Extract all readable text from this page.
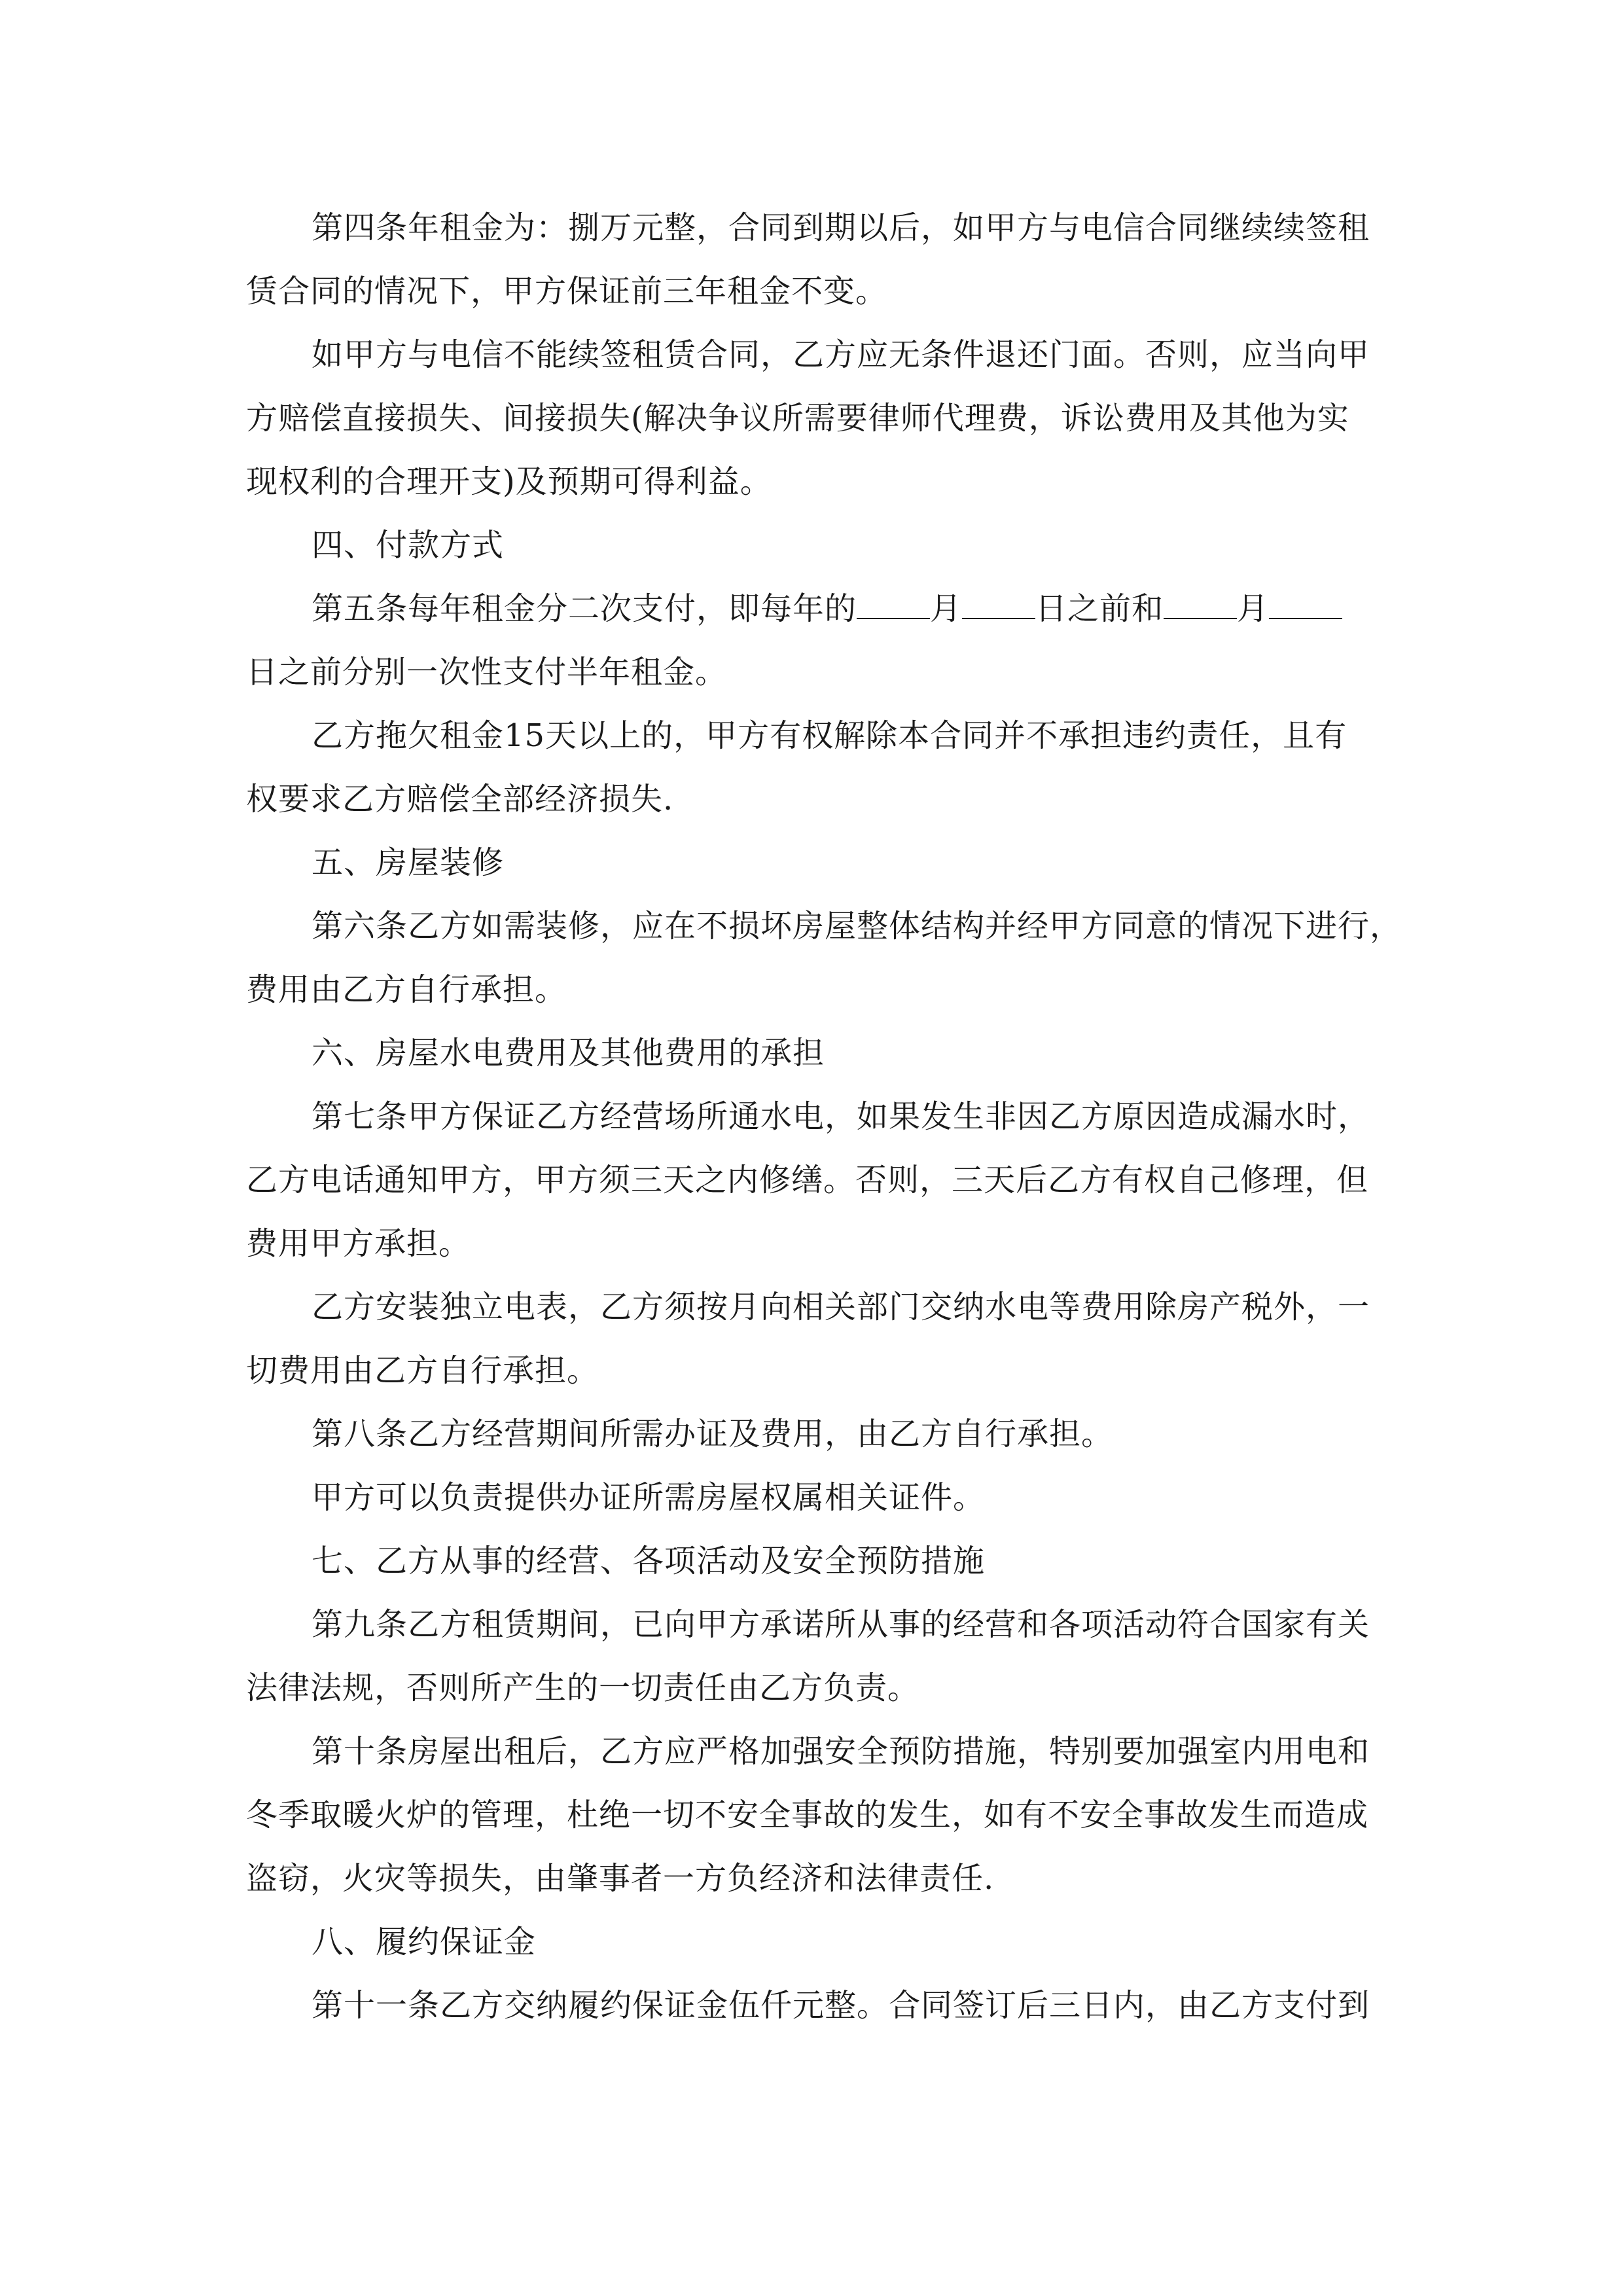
第四条年租金为：捌万元整，合同到期以后，如甲方与电信合同继续续签租
赁合同的情况下，甲方保证前三年租金不变。
如甲方与电信不能续签租赁合同，乙方应无条件退还门面。否则，应当向甲
方赔偿直接损失、间接损失(解决争议所需要律师代理费，诉讼费用及其他为实
现权利的合理开支)及预期可得利益。
四、付款方式
第五条每年租金分二次支付，即每年的 月 日之前和 月
日之前分别一次性支付半年租金。
乙方拖欠租金15天以上的，甲方有权解除本合同并不承担违约责任，且有
权要求乙方赔偿全部经济损失.
五、房屋装修
第六条乙方如需装修，应在不损坏房屋整体结构并经甲方同意的情况下进行，
费用由乙方自行承担。
六、房屋水电费用及其他费用的承担
第七条甲方保证乙方经营场所通水电，如果发生非因乙方原因造成漏水时，
乙方电话通知甲方，甲方须三天之内修缮。否则，三天后乙方有权自己修理，但
费用甲方承担。
乙方安装独立电表，乙方须按月向相关部门交纳水电等费用除房产税外，一
切费用由乙方自行承担。
第八条乙方经营期间所需办证及费用，由乙方自行承担。
甲方可以负责提供办证所需房屋权属相关证件。
七、乙方从事的经营、各项活动及安全预防措施
第九条乙方租赁期间，已向甲方承诺所从事的经营和各项活动符合国家有关
法律法规，否则所产生的一切责任由乙方负责。
第十条房屋出租后，乙方应严格加强安全预防措施，特别要加强室内用电和
冬季取暖火炉的管理，杜绝一切不安全事故的发生，如有不安全事故发生而造成
盗窃，火灾等损失，由肇事者一方负经济和法律责任.
八、履约保证金
第十一条乙方交纳履约保证金伍仟元整。合同签订后三日内，由乙方支付到
